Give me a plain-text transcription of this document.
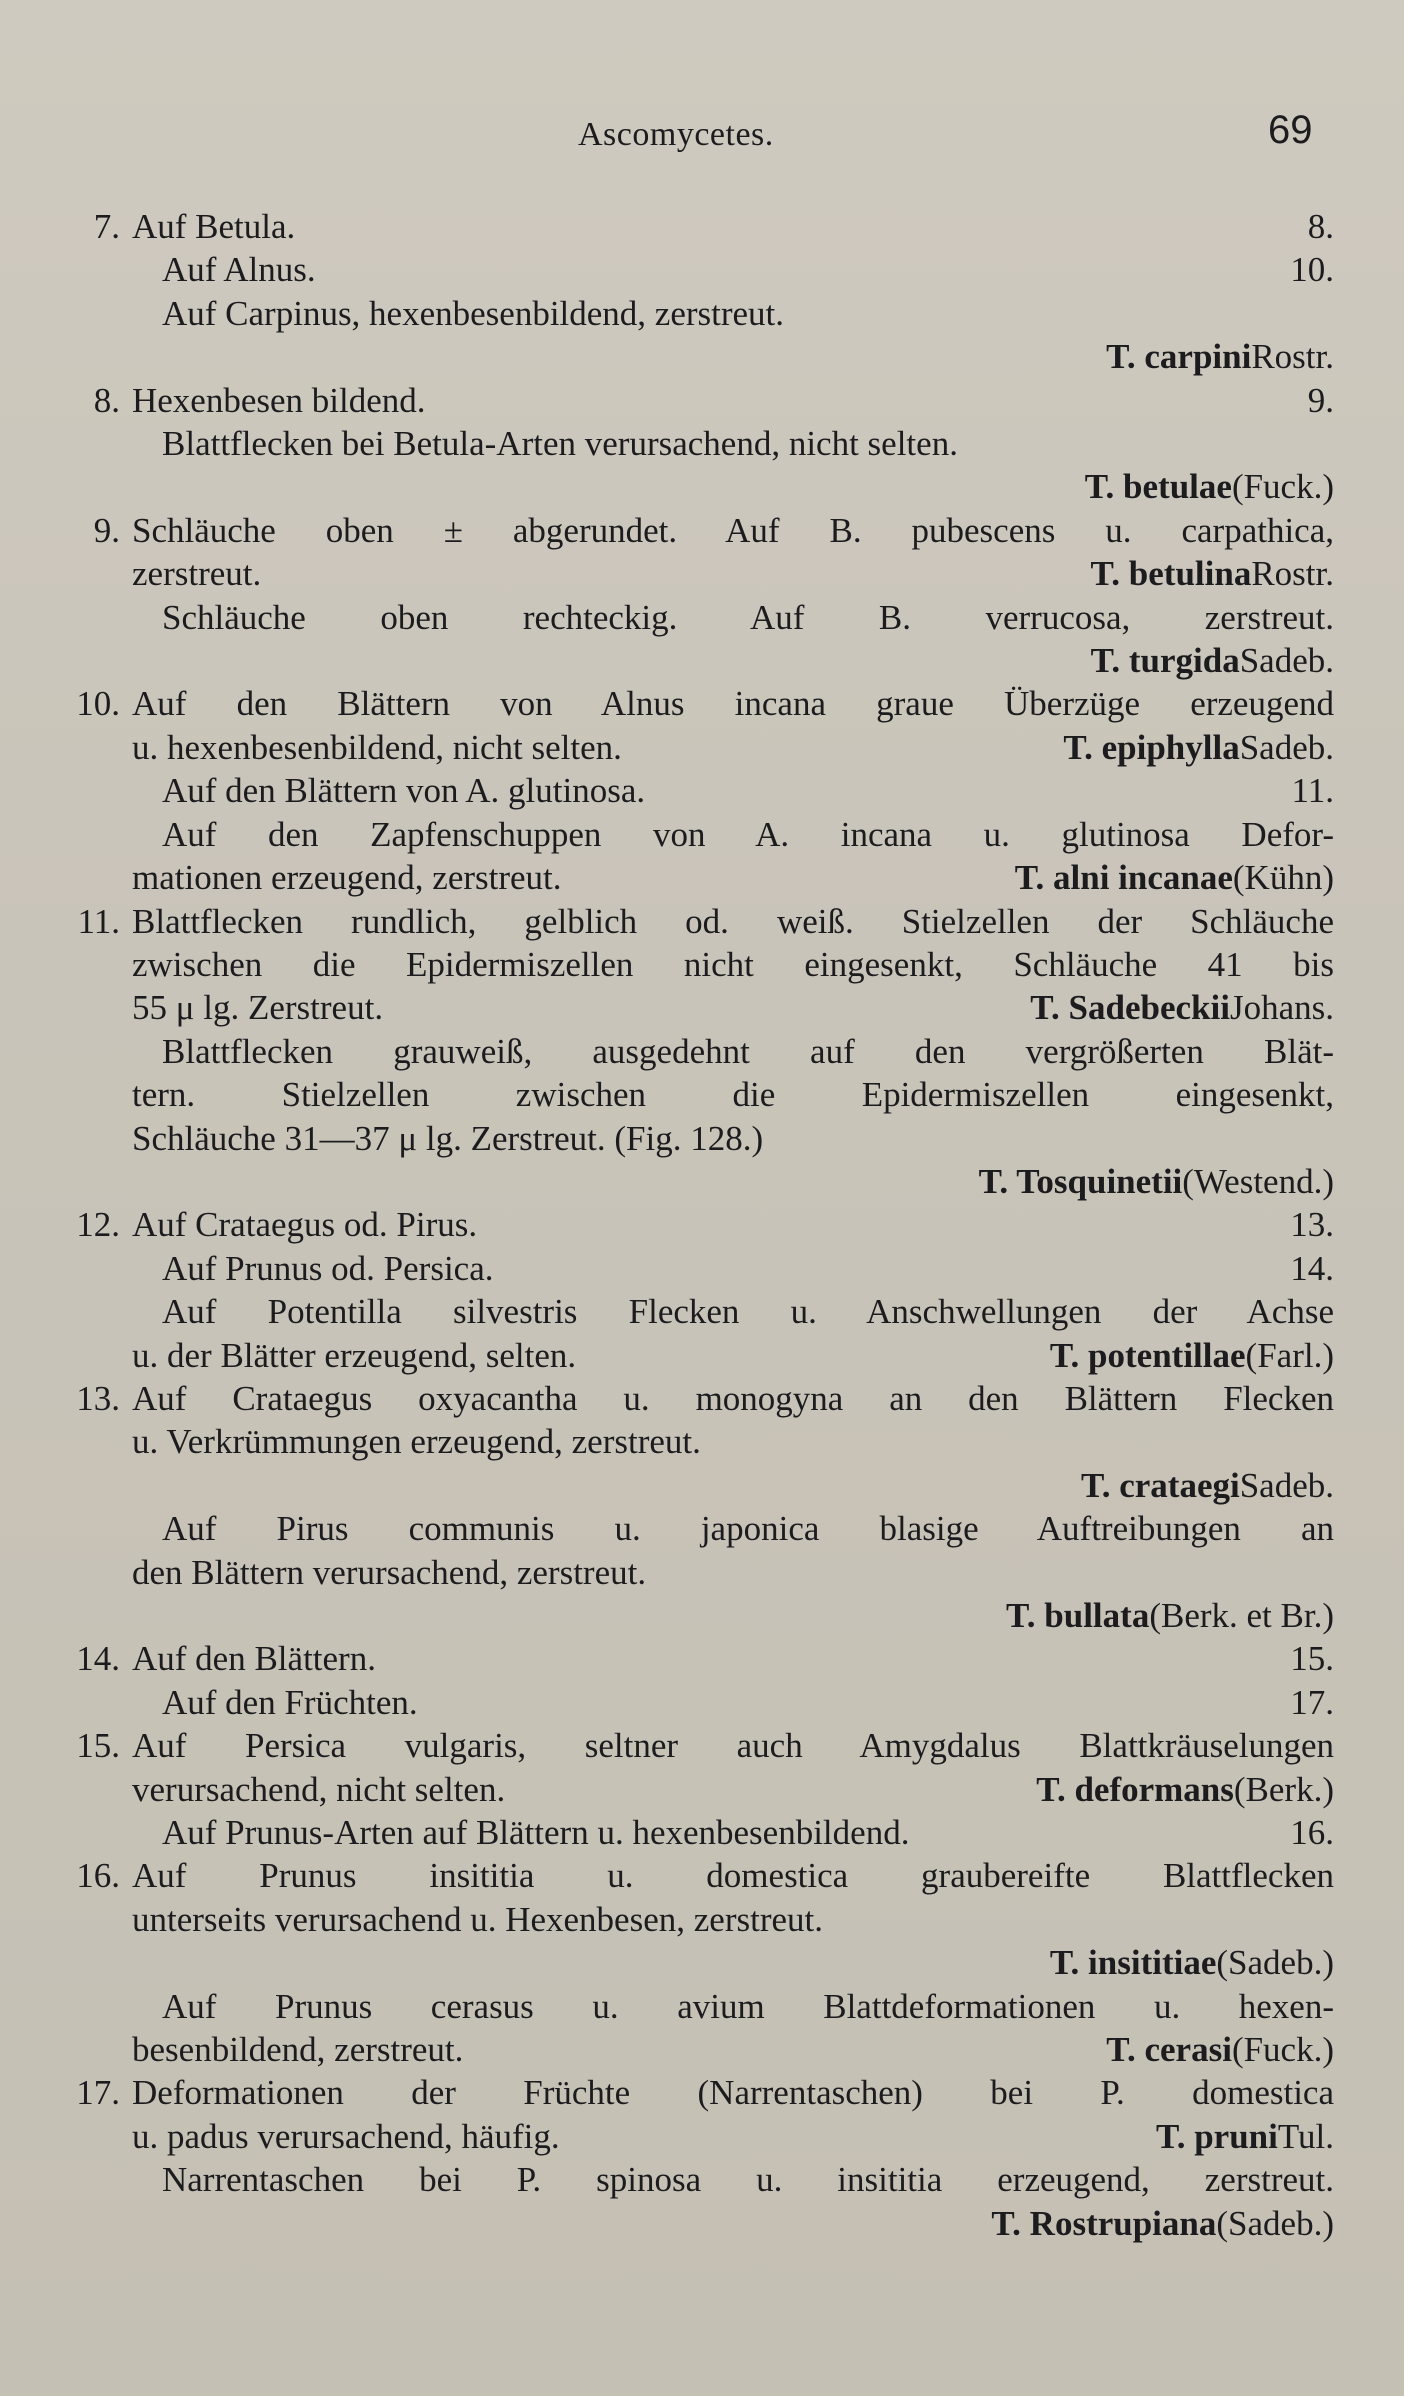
Ascomycetes.	69
7. Auf Betula.	8.
Auf Alnus.	10.
Auf Carpinus, hexenbesenbildend, zerstreut.
T. carpini Rostr.
8. Hexenbesen bildend.	9.
Blattflecken bei Betula-Arten verursachend, nicht selten.
T. betulae (Fuck.)
9. Schläuche oben ± abgerundet. Auf B. pubescens u. carpathica,
zerstreut.	T. betulina Rostr.
Schläuche oben rechteckig. Auf B. verrucosa, zerstreut.
T. turgida Sadeb.
10. Auf den Blättern von Alnus incana graue Überzüge erzeugend
u. hexenbesenbildend, nicht selten.	T. epiphylla Sadeb.
Auf den Blättern von A. glutinosa.	11.
Auf den Zapfenschuppen von A. incana u. glutinosa Defor-
mationen erzeugend, zerstreut.	T. alni incanae (Kühn)
11. Blattflecken rundlich, gelblich od. weiß. Stielzellen der Schläuche
zwischen die Epidermiszellen nicht eingesenkt, Schläuche 41 bis
55 μ lg. Zerstreut.	T. Sadebeckii Johans.
Blattflecken grauweiß, ausgedehnt auf den vergrößerten Blät-
tern. Stielzellen zwischen die Epidermiszellen eingesenkt,
Schläuche 31—37 μ lg. Zerstreut. (Fig. 128.)
T. Tosquinetii (Westend.)
12. Auf Crataegus od. Pirus.	13.
Auf Prunus od. Persica.	14.
Auf Potentilla silvestris Flecken u. Anschwellungen der Achse
u. der Blätter erzeugend, selten.	T. potentillae (Farl.)
13. Auf Crataegus oxyacantha u. monogyna an den Blättern Flecken
u. Verkrümmungen erzeugend, zerstreut.
T. crataegi Sadeb.
Auf Pirus communis u. japonica blasige Auftreibungen an
den Blättern verursachend, zerstreut.
T. bullata (Berk. et Br.)
14. Auf den Blättern.	15.
Auf den Früchten.	17.
15. Auf Persica vulgaris, seltner auch Amygdalus Blattkräuselungen
verursachend, nicht selten.	T. deformans (Berk.)
Auf Prunus-Arten auf Blättern u. hexenbesenbildend.	16.
16. Auf Prunus insititia u. domestica graubereifte Blattflecken
unterseits verursachend u. Hexenbesen, zerstreut.
T. insititiae (Sadeb.)
Auf Prunus cerasus u. avium Blattdeformationen u. hexen-
besenbildend, zerstreut.	T. cerasi (Fuck.)
17. Deformationen der Früchte (Narrentaschen) bei P. domestica
u. padus verursachend, häufig.	T. pruni Tul.
Narrentaschen bei P. spinosa u. insititia erzeugend, zerstreut.
T. Rostrupiana (Sadeb.)
